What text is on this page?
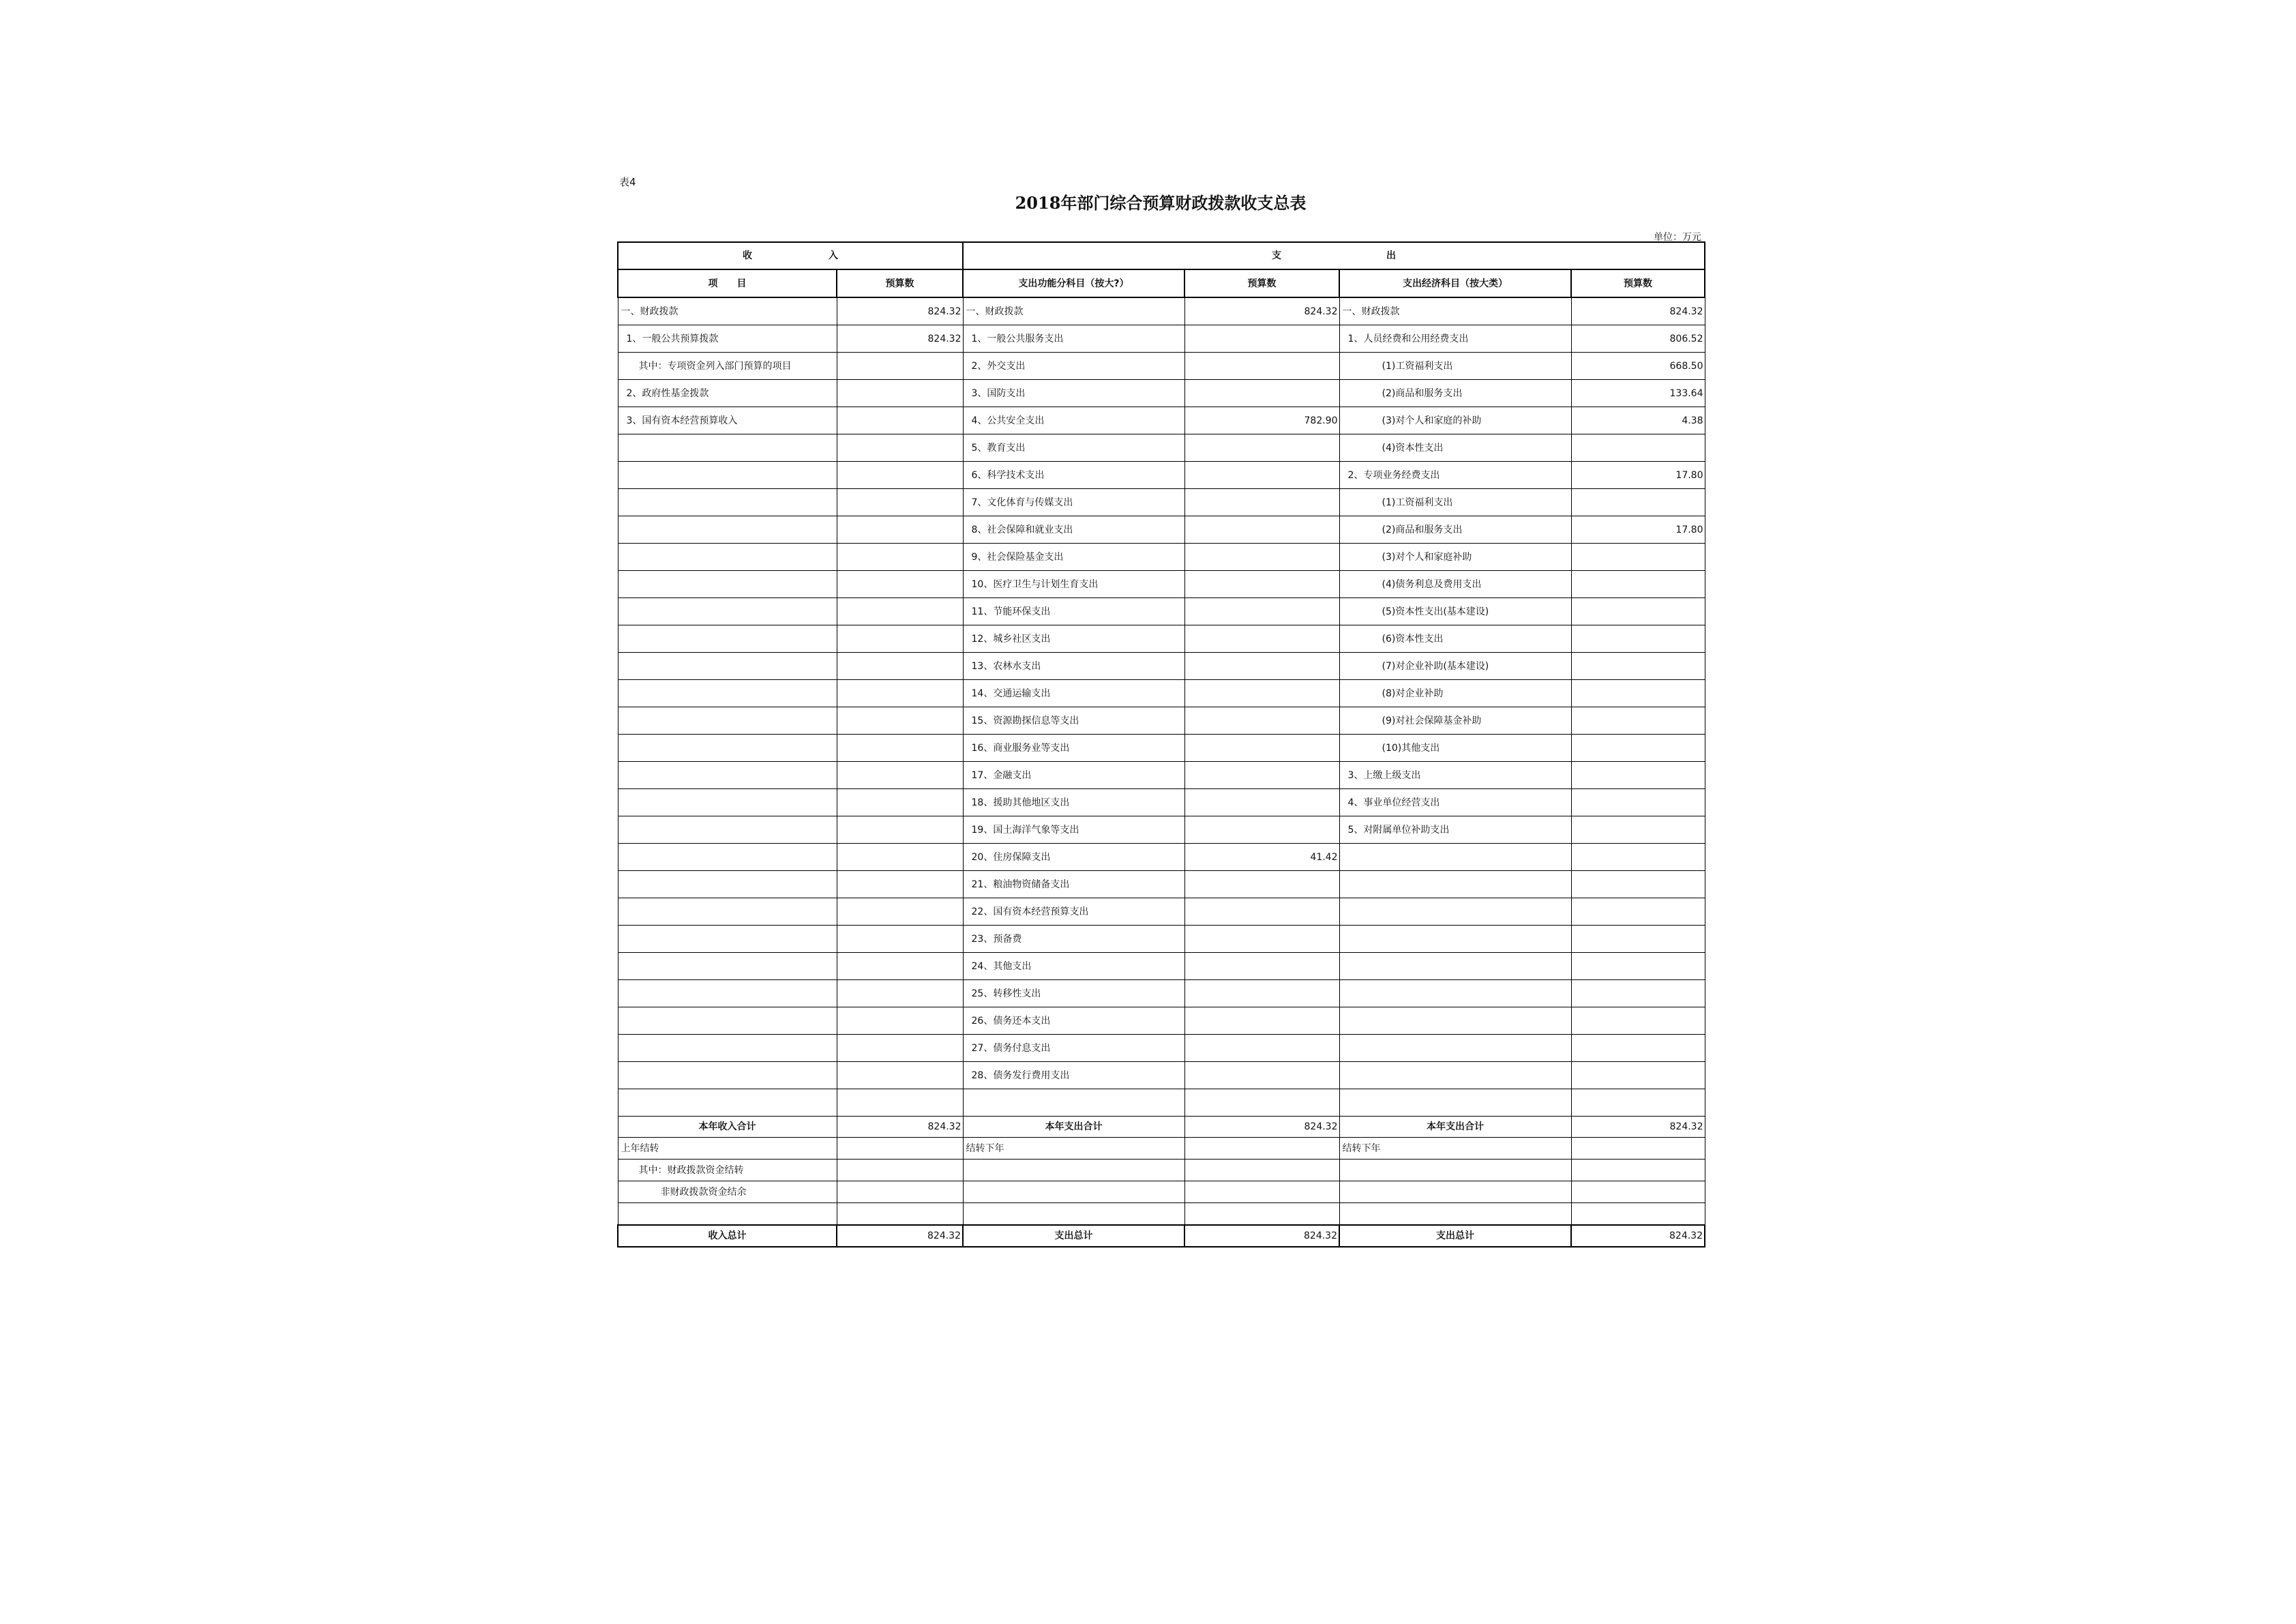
表4
2018年部门综合预算财政拨款收支总表
单位：万元
收　　　　　　　　入		支　　　　　　　　　　　出			
项　　目	预算数	支出功能分科目（按大?）	预算数	支出经济科目（按大类）	预算数
一、财政拨款	824.32	一、财政拨款	824.32	一、财政拨款	824.32
1、一般公共预算拨款	824.32	1、一般公共服务支出		1、人员经费和公用经费支出	806.52
其中：专项资金列入部门预算的项目		2、外交支出		(1)工资福利支出	668.50
2、政府性基金拨款		3、国防支出		(2)商品和服务支出	133.64
3、国有资本经营预算收入		4、公共安全支出	782.90	(3)对个人和家庭的补助	4.38
		5、教育支出		(4)资本性支出	
		6、科学技术支出		2、专项业务经费支出	17.80
		7、文化体育与传媒支出		(1)工资福利支出	
		8、社会保障和就业支出		(2)商品和服务支出	17.80
		9、社会保险基金支出		(3)对个人和家庭补助	
		10、医疗卫生与计划生育支出		(4)债务利息及费用支出	
		11、节能环保支出		(5)资本性支出(基本建设)	
		12、城乡社区支出		(6)资本性支出	
		13、农林水支出		(7)对企业补助(基本建设)	
		14、交通运输支出		(8)对企业补助	
		15、资源勘探信息等支出		(9)对社会保障基金补助	
		16、商业服务业等支出		(10)其他支出	
		17、金融支出		3、上缴上级支出	
		18、援助其他地区支出		4、事业单位经营支出	
		19、国土海洋气象等支出		5、对附属单位补助支出	
		20、住房保障支出	41.42		
		21、粮油物资储备支出			
		22、国有资本经营预算支出			
		23、预备费			
		24、其他支出			
		25、转移性支出			
		26、债务还本支出			
		27、债务付息支出			
		28、债务发行费用支出			

本年收入合计	824.32	本年支出合计	824.32	本年支出合计	824.32
上年结转		结转下年		结转下年	
其中：财政拨款资金结转					
非财政拨款资金结余					

收入总计	824.32	支出总计	824.32	支出总计	824.32
